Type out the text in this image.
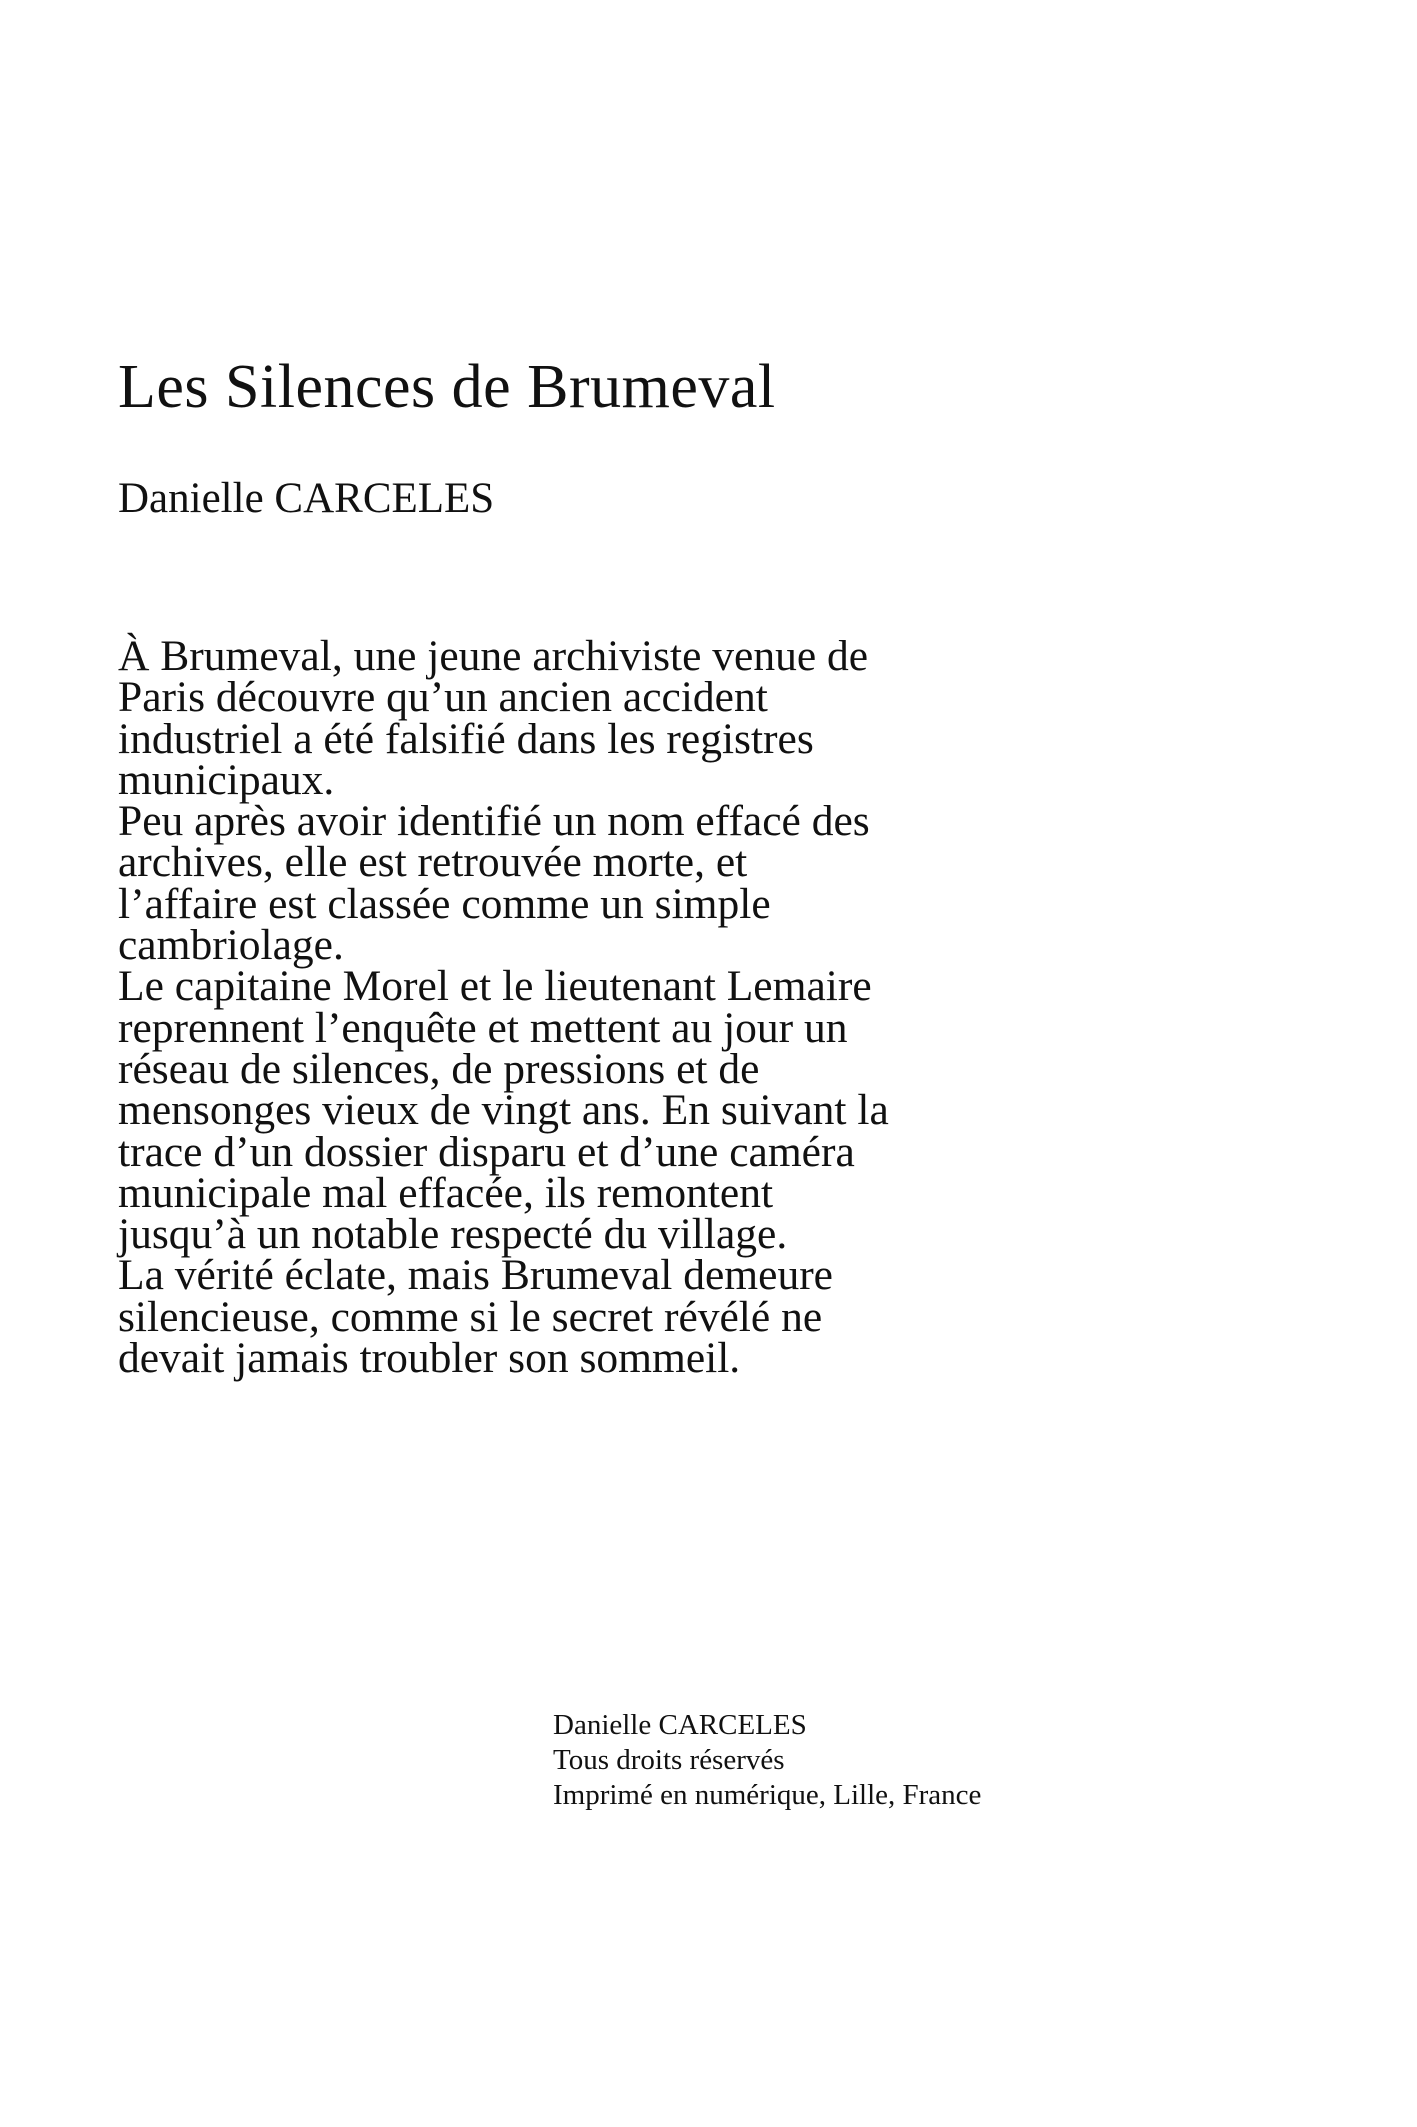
Les Silences de Brumeval
Danielle CARCELES

À Brumeval, une jeune archiviste venue de
Paris découvre qu’un ancien accident
industriel a été falsifié dans les registres
municipaux.

Peu après avoir identifié un nom effacé des
archives, elle est retrouvée morte, et
l’affaire est classée comme un simple
cambriolage.

Le capitaine Morel et le lieutenant Lemaire
reprennent l’enquête et mettent au jour un
réseau de silences, de pressions et de
mensonges vieux de vingt ans. En suivant la
trace d’un dossier disparu et d’une caméra
municipale mal effacée, ils remontent
jusqu’à un notable respecté du village.

La vérité éclate, mais Brumeval demeure
silencieuse, comme si le secret révélé ne
devait jamais troubler son sommeil.

Danielle CARCELES
Tous droits réservés
Imprimé en numérique, Lille, France
